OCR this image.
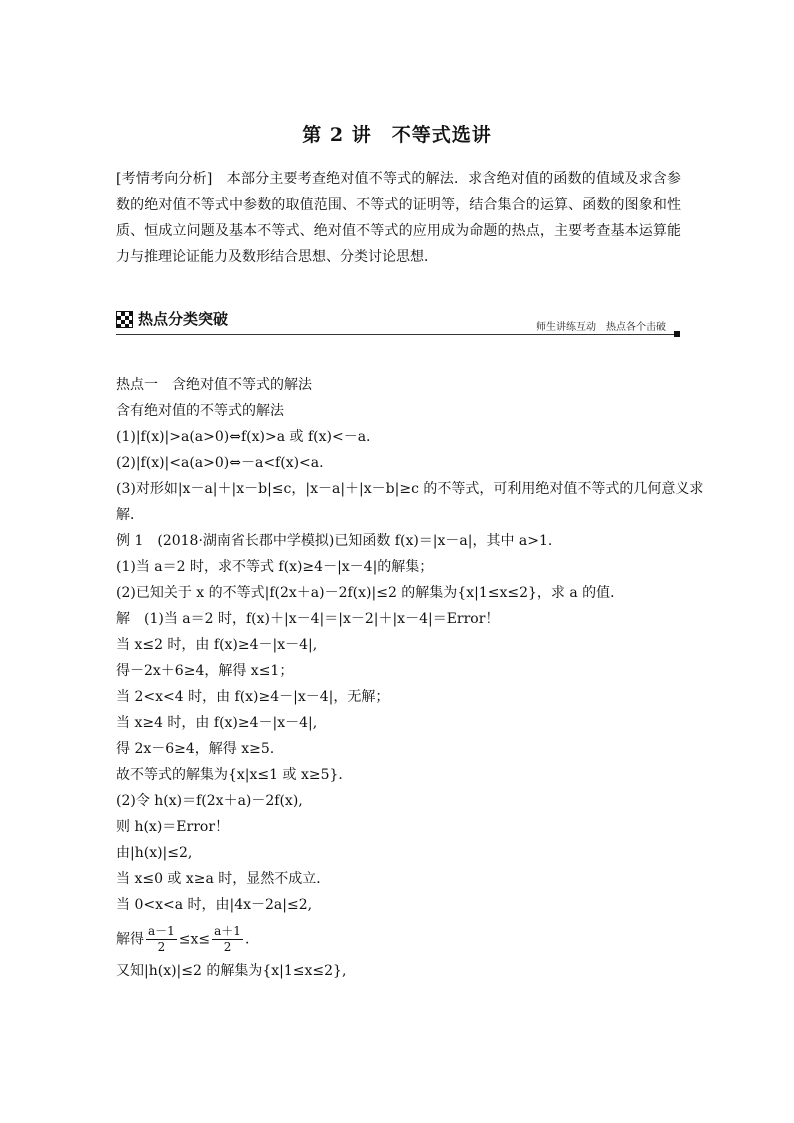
第 2 讲　不等式选讲
[考情考向分析]　本部分主要考查绝对值不等式的解法．求含绝对值的函数的值域及求含参数的绝对值不等式中参数的取值范围、不等式的证明等，结合集合的运算、函数的图象和性质、恒成立问题及基本不等式、绝对值不等式的应用成为命题的热点，主要考查基本运算能力与推理论证能力及数形结合思想、分类讨论思想．
热点分类突破	师生讲练互动　热点各个击破
热点一　含绝对值不等式的解法
含有绝对值的不等式的解法
(1)|f(x)|>a(a>0)⇔f(x)>a 或 f(x)<－a.
(2)|f(x)|<a(a>0)⇔－a<f(x)<a.
(3)对形如|x－a|＋|x－b|≤c，|x－a|＋|x－b|≥c 的不等式，可利用绝对值不等式的几何意义求
解．
例 1　(2018·湖南省长郡中学模拟)已知函数 f(x)＝|x－a|，其中 a>1.
(1)当 a＝2 时，求不等式 f(x)≥4－|x－4|的解集；
(2)已知关于 x 的不等式|f(2x＋a)－2f(x)|≤2 的解集为{x|1≤x≤2}，求 a 的值．
解　(1)当 a＝2 时，f(x)＋|x－4|＝|x－2|＋|x－4|＝Error！
当 x≤2 时，由 f(x)≥4－|x－4|,
得－2x＋6≥4，解得 x≤1；
当 2<x<4 时，由 f(x)≥4－|x－4|，无解；
当 x≥4 时，由 f(x)≥4－|x－4|,
得 2x－6≥4，解得 x≥5.
故不等式的解集为{x|x≤1 或 x≥5}．
(2)令 h(x)＝f(2x＋a)－2f(x),
则 h(x)＝Error！
由|h(x)|≤2,
当 x≤0 或 x≥a 时，显然不成立．
当 0<x<a 时，由|4x－2a|≤2,
解得 $\frac{a-1}{2} \le x\le \frac{a+1}{2}$ .
又知|h(x)|≤2 的解集为{x|1≤x≤2},
